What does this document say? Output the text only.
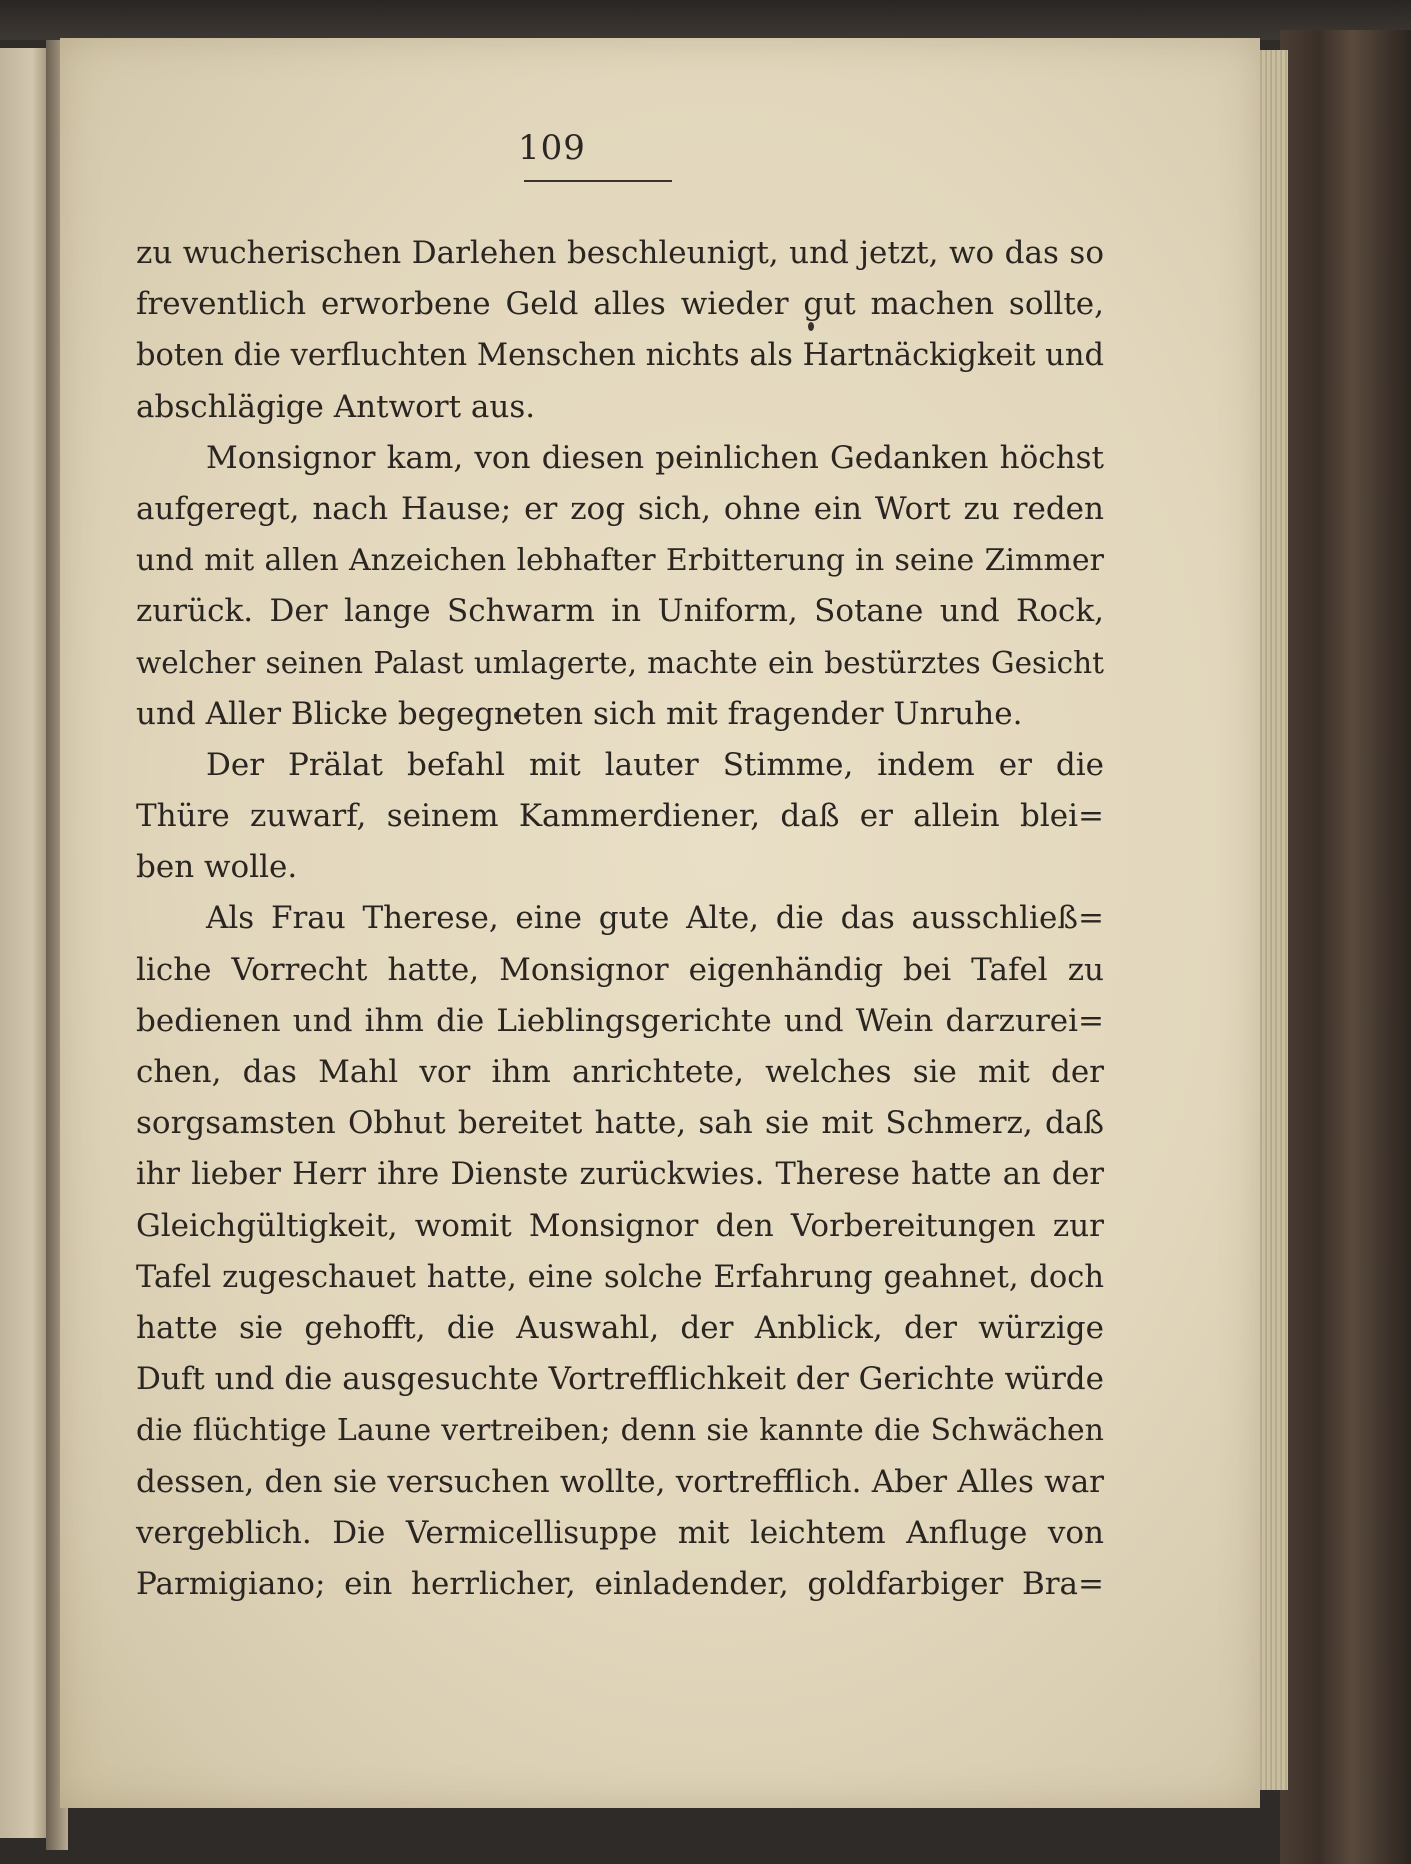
109
zu wucherischen Darlehen beschleunigt, und jetzt, wo das so
freventlich erworbene Geld alles wieder gut machen sollte,
boten die verfluchten Menschen nichts als Hartnäckigkeit und
abschlägige Antwort aus.
Monsignor kam, von diesen peinlichen Gedanken höchst
aufgeregt, nach Hause; er zog sich, ohne ein Wort zu reden
und mit allen Anzeichen lebhafter Erbitterung in seine Zimmer
zurück. Der lange Schwarm in Uniform, Sotane und Rock,
welcher seinen Palast umlagerte, machte ein bestürztes Gesicht
und Aller Blicke begegneten sich mit fragender Unruhe.
Der Prälat befahl mit lauter Stimme, indem er die
Thüre zuwarf, seinem Kammerdiener, daß er allein blei=
ben wolle.
Als Frau Therese, eine gute Alte, die das ausschließ=
liche Vorrecht hatte, Monsignor eigenhändig bei Tafel zu
bedienen und ihm die Lieblingsgerichte und Wein darzurei=
chen, das Mahl vor ihm anrichtete, welches sie mit der
sorgsamsten Obhut bereitet hatte, sah sie mit Schmerz, daß
ihr lieber Herr ihre Dienste zurückwies. Therese hatte an der
Gleichgültigkeit, womit Monsignor den Vorbereitungen zur
Tafel zugeschauet hatte, eine solche Erfahrung geahnet, doch
hatte sie gehofft, die Auswahl, der Anblick, der würzige
Duft und die ausgesuchte Vortrefflichkeit der Gerichte würde
die flüchtige Laune vertreiben; denn sie kannte die Schwächen
dessen, den sie versuchen wollte, vortrefflich. Aber Alles war
vergeblich. Die Vermicellisuppe mit leichtem Anfluge von
Parmigiano; ein herrlicher, einladender, goldfarbiger Bra=
